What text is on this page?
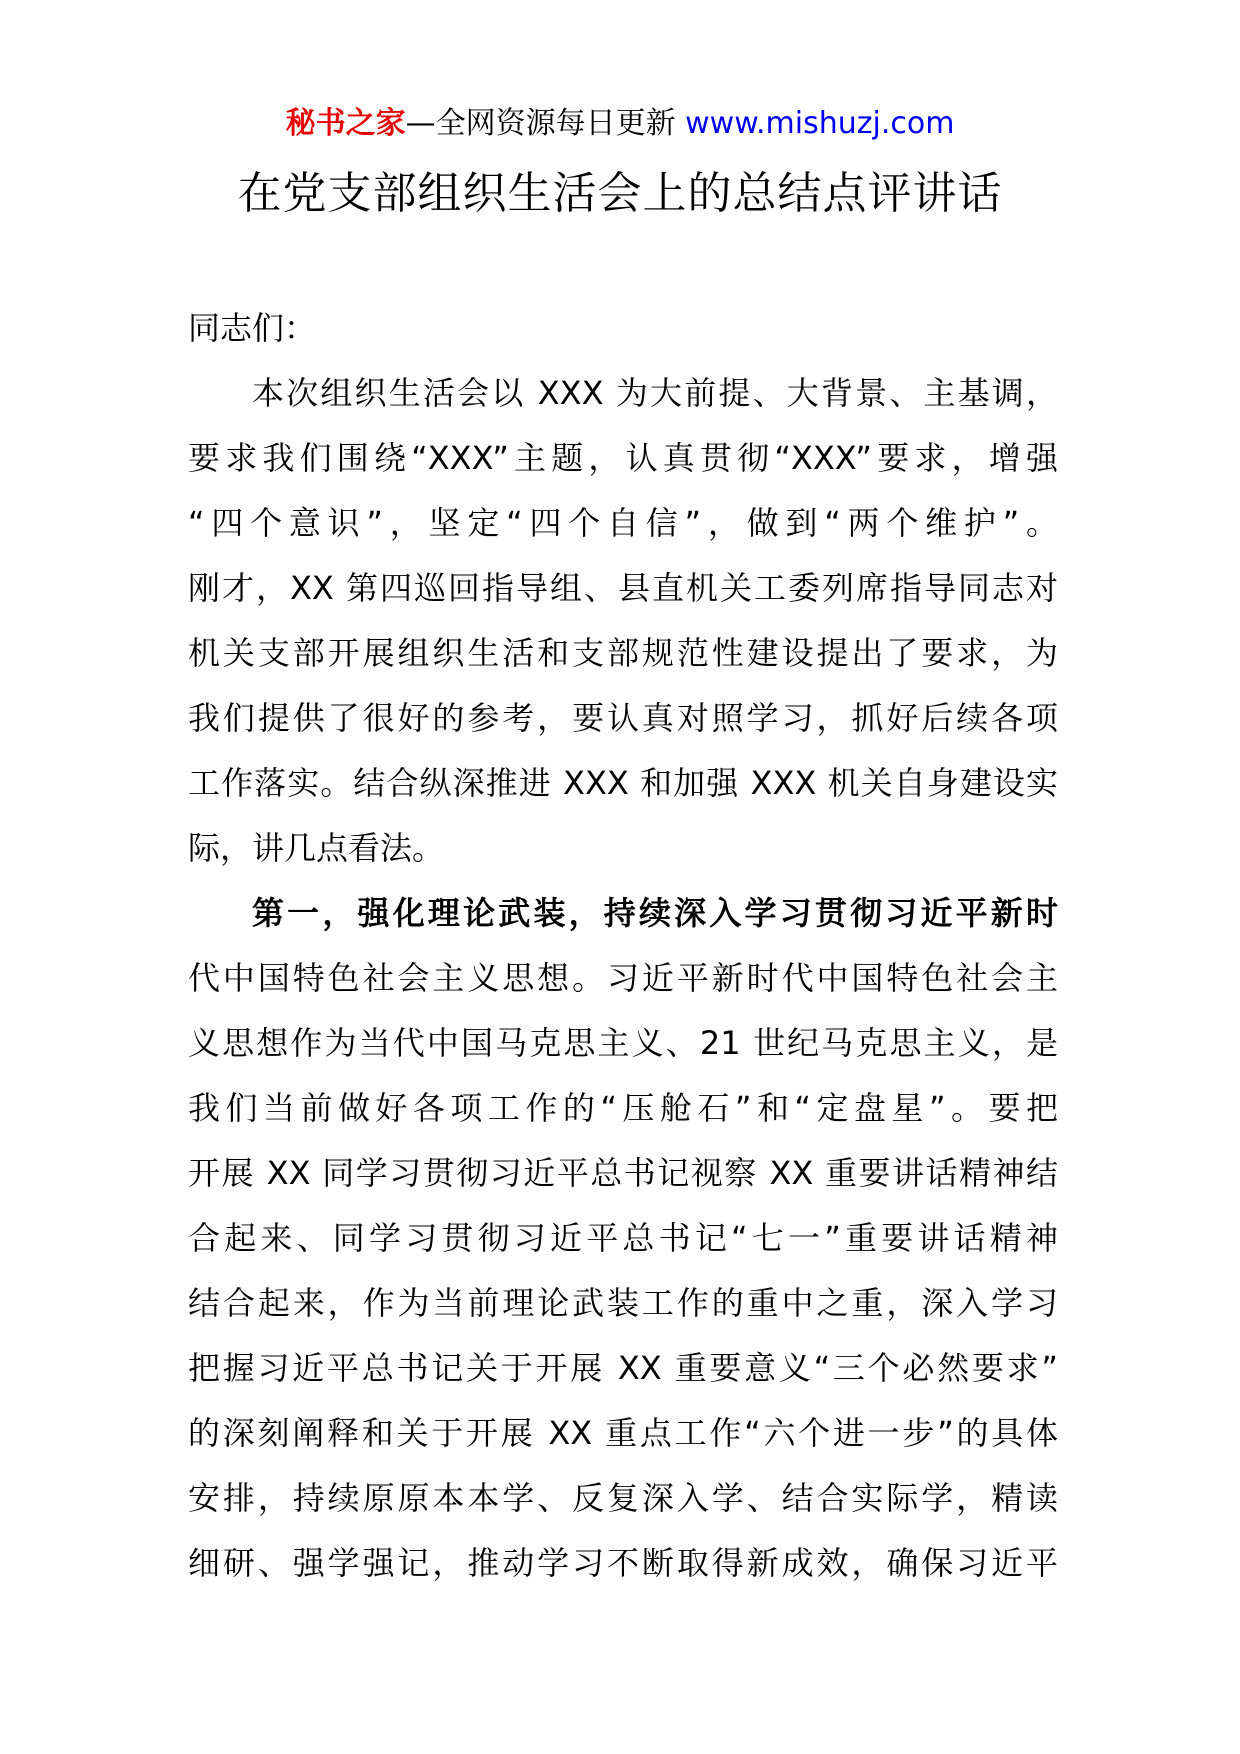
秘书之家—全网资源每日更新 www.mishuzj.com
在党支部组织生活会上的总结点评讲话
同志们：
本次组织生活会以 XXX 为大前提、大背景、主基调，
要求我们围绕“XXX”主题，认真贯彻“XXX”要求，增强
“四个意识”，坚定“四个自信”，做到“两个维护”。
刚才，XX 第四巡回指导组、县直机关工委列席指导同志对
机关支部开展组织生活和支部规范性建设提出了要求，为
我们提供了很好的参考，要认真对照学习，抓好后续各项
工作落实。结合纵深推进 XXX 和加强 XXX 机关自身建设实
际，讲几点看法。
第一，强化理论武装，持续深入学习贯彻习近平新时
代中国特色社会主义思想。习近平新时代中国特色社会主
义思想作为当代中国马克思主义、21 世纪马克思主义，是
我们当前做好各项工作的“压舱石”和“定盘星”。要把
开展 XX 同学习贯彻习近平总书记视察 XX 重要讲话精神结
合起来、同学习贯彻习近平总书记“七一”重要讲话精神
结合起来，作为当前理论武装工作的重中之重，深入学习
把握习近平总书记关于开展 XX 重要意义“三个必然要求”
的深刻阐释和关于开展 XX 重点工作“六个进一步”的具体
安排，持续原原本本学、反复深入学、结合实际学，精读
细研、强学强记，推动学习不断取得新成效，确保习近平
